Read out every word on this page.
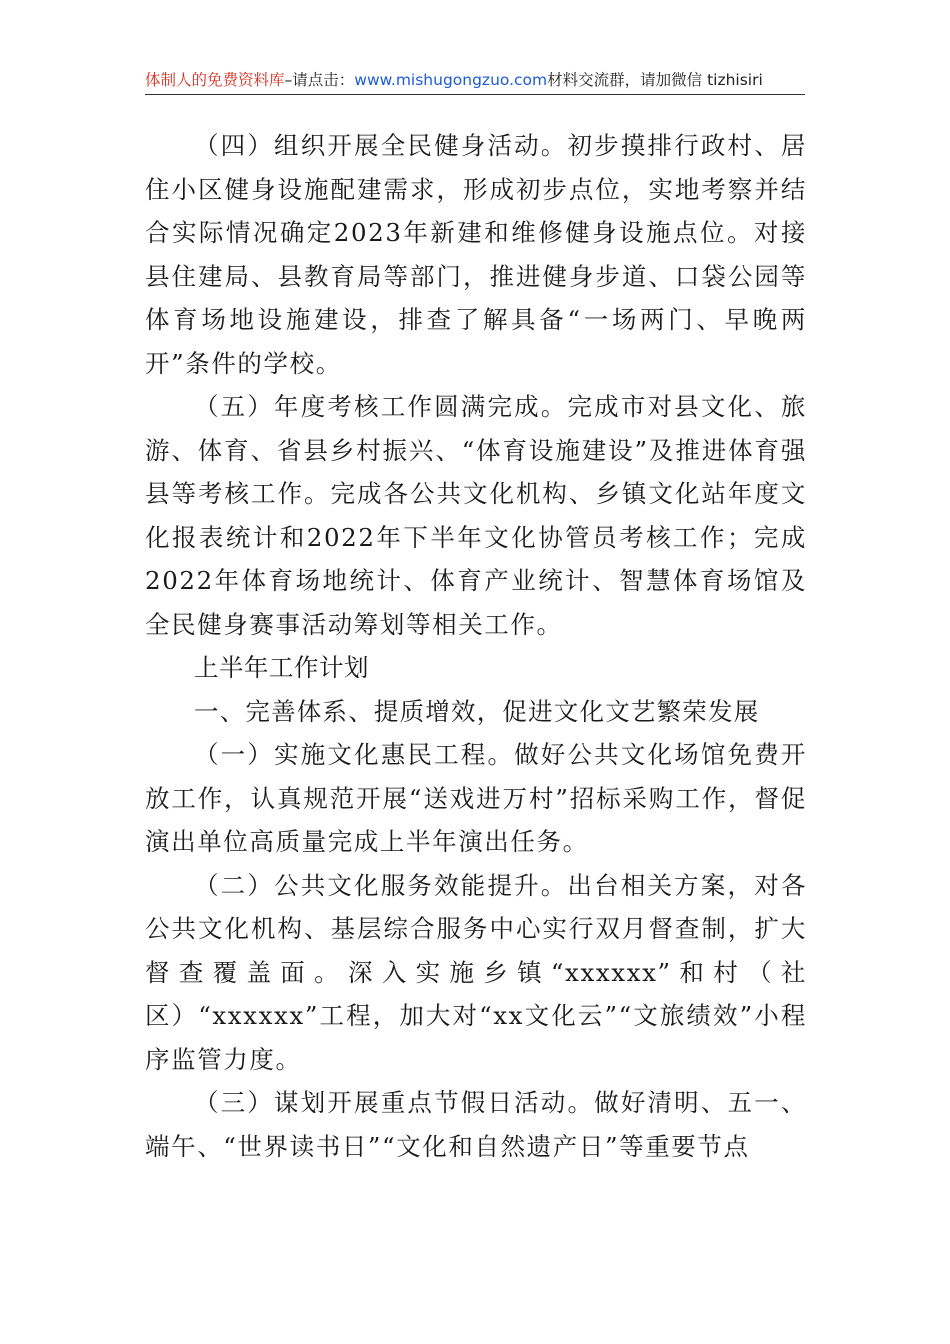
体制人的免费资料库–请点击：www.mishugongzuo.com材料交流群，请加微信 tizhisiri

（四）组织开展全民健身活动。初步摸排行政村、居住小区健身设施配建需求，形成初步点位，实地考察并结合实际情况确定2023年新建和维修健身设施点位。对接县住建局、县教育局等部门，推进健身步道、口袋公园等体育场地设施建设，排查了解具备“一场两门、早晚两开”条件的学校。

（五）年度考核工作圆满完成。完成市对县文化、旅游、体育、省县乡村振兴、“体育设施建设”及推进体育强县等考核工作。完成各公共文化机构、乡镇文化站年度文化报表统计和2022年下半年文化协管员考核工作；完成2022年体育场地统计、体育产业统计、智慧体育场馆及全民健身赛事活动筹划等相关工作。

上半年工作计划

一、完善体系、提质增效，促进文化文艺繁荣发展

（一）实施文化惠民工程。做好公共文化场馆免费开放工作，认真规范开展“送戏进万村”招标采购工作，督促演出单位高质量完成上半年演出任务。

（二）公共文化服务效能提升。出台相关方案，对各公共文化机构、基层综合服务中心实行双月督查制，扩大督查覆盖面。深入实施乡镇“xxxxxx”和村（社区）“xxxxxx”工程，加大对“xx文化云”“文旅绩效”小程序监管力度。

（三）谋划开展重点节假日活动。做好清明、五一、端午、“世界读书日”“文化和自然遗产日”等重要节点
